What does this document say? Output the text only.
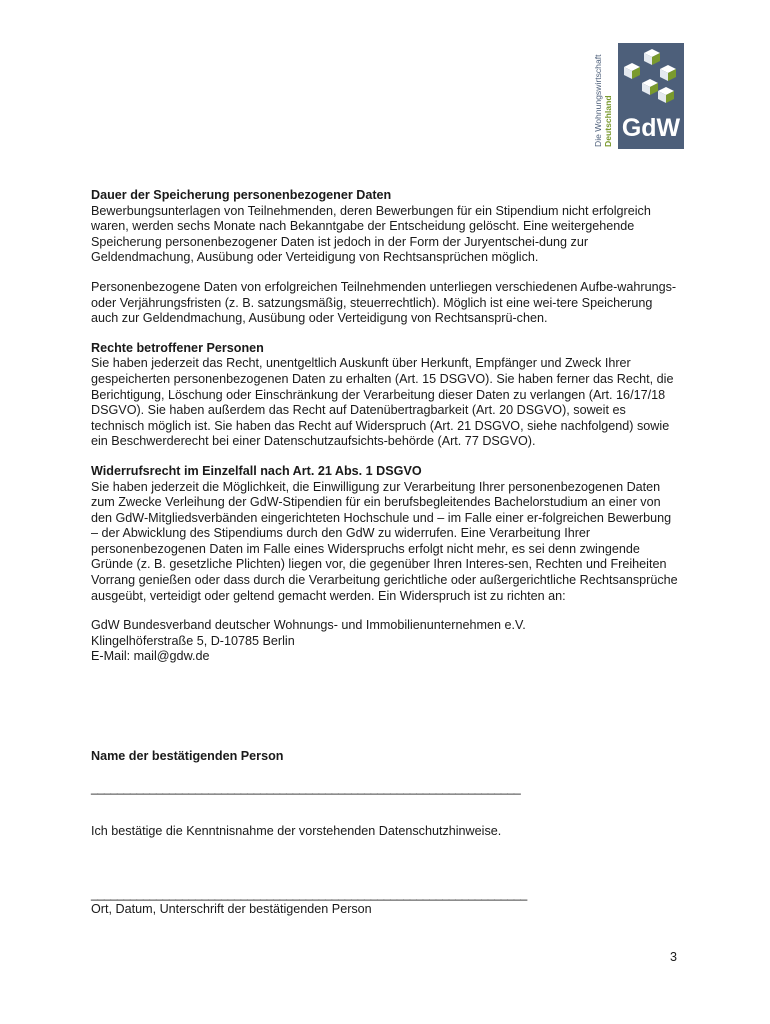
Die Wohnungswirtschaft Deutschland GdW
Dauer der Speicherung personenbezogener Daten
Bewerbungsunterlagen von Teilnehmenden, deren Bewerbungen für ein Stipendium nicht erfolgreich waren, werden sechs Monate nach Bekanntgabe der Entscheidung gelöscht. Eine weitergehende Speicherung personenbezogener Daten ist jedoch in der Form der Juryentschei-dung zur Geldendmachung, Ausübung oder Verteidigung von Rechtsansprüchen möglich.
Personenbezogene Daten von erfolgreichen Teilnehmenden unterliegen verschiedenen Aufbe-wahrungs- oder Verjährungsfristen (z. B. satzungsmäßig, steuerrechtlich). Möglich ist eine wei-tere Speicherung auch zur Geldendmachung, Ausübung oder Verteidigung von Rechtsansprü-chen.
Rechte betroffener Personen
Sie haben jederzeit das Recht, unentgeltlich Auskunft über Herkunft, Empfänger und Zweck Ihrer gespeicherten personenbezogenen Daten zu erhalten (Art. 15 DSGVO). Sie haben ferner das Recht, die Berichtigung, Löschung oder Einschränkung der Verarbeitung dieser Daten zu verlangen (Art. 16/17/18 DSGVO). Sie haben außerdem das Recht auf Datenübertragbarkeit (Art. 20 DSGVO), soweit es technisch möglich ist. Sie haben das Recht auf Widerspruch (Art. 21 DSGVO, siehe nachfolgend) sowie ein Beschwerderecht bei einer Datenschutzaufsichts-behörde (Art. 77 DSGVO).
Widerrufsrecht im Einzelfall nach Art. 21 Abs. 1 DSGVO
Sie haben jederzeit die Möglichkeit, die Einwilligung zur Verarbeitung Ihrer personenbezogenen Daten zum Zwecke Verleihung der GdW-Stipendien für ein berufsbegleitendes Bachelorstudium an einer von den GdW-Mitgliedsverbänden eingerichteten Hochschule und – im Falle einer er-folgreichen Bewerbung – der Abwicklung des Stipendiums durch den GdW zu widerrufen. Eine Verarbeitung Ihrer personenbezogenen Daten im Falle eines Widerspruchs erfolgt nicht mehr, es sei denn zwingende Gründe (z. B. gesetzliche Plichten) liegen vor, die gegenüber Ihren Interes-sen, Rechten und Freiheiten Vorrang genießen oder dass durch die Verarbeitung gerichtliche oder außergerichtliche Rechtsansprüche ausgeübt, verteidigt oder geltend gemacht werden. Ein Widerspruch ist zu richten an:
GdW Bundesverband deutscher Wohnungs- und Immobilienunternehmen e.V.
Klingelhöferstraße 5, D-10785 Berlin
E-Mail: mail@gdw.de
Name der bestätigenden Person
__________________________________________________________________
Ich bestätige die Kenntnisnahme der vorstehenden Datenschutzhinweise.
___________________________________________________________________
Ort, Datum, Unterschrift der bestätigenden Person
3
